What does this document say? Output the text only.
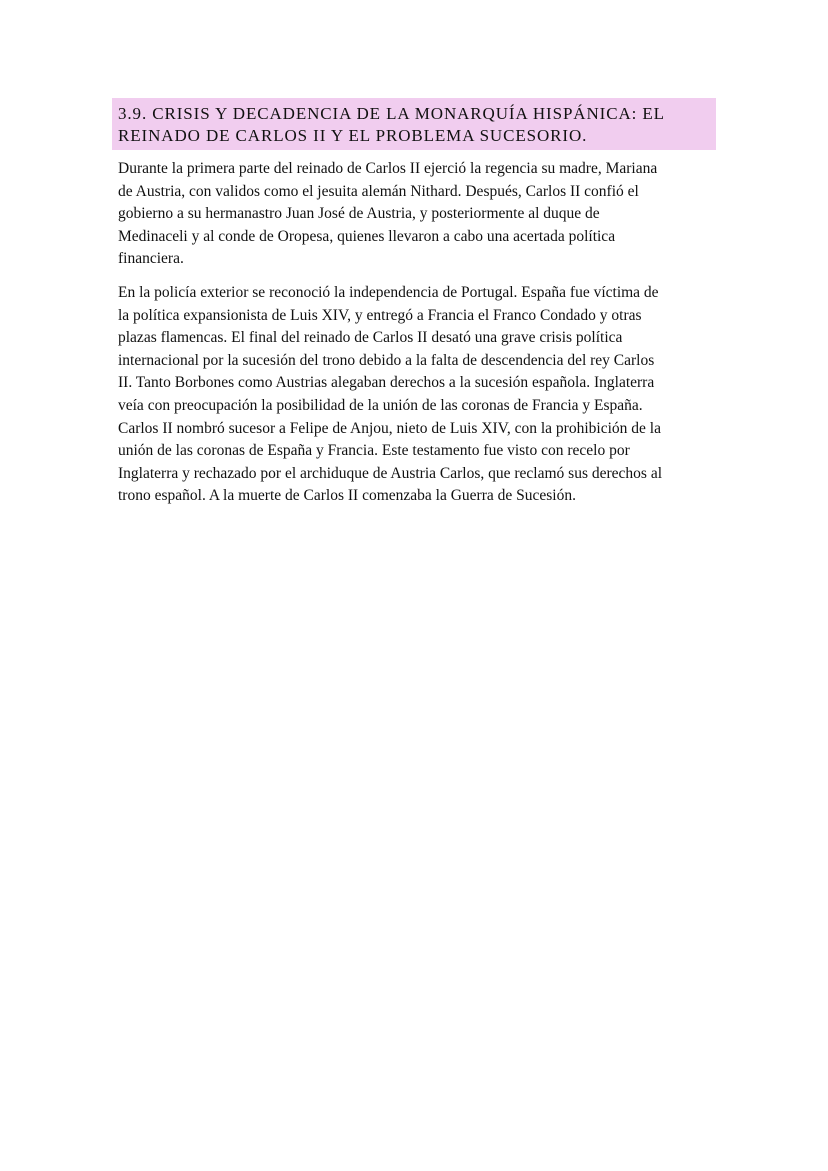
3.9. CRISIS Y DECADENCIA DE LA MONARQUÍA HISPÁNICA: EL
REINADO DE CARLOS II Y EL PROBLEMA SUCESORIO.

Durante la primera parte del reinado de Carlos II ejerció la regencia su madre, Mariana
de Austria, con validos como el jesuita alemán Nithard. Después, Carlos II confió el
gobierno a su hermanastro Juan José de Austria, y posteriormente al duque de
Medinaceli y al conde de Oropesa, quienes llevaron a cabo una acertada política
financiera.

En la policía exterior se reconoció la independencia de Portugal. España fue víctima de
la política expansionista de Luis XIV, y entregó a Francia el Franco Condado y otras
plazas flamencas. El final del reinado de Carlos II desató una grave crisis política
internacional por la sucesión del trono debido a la falta de descendencia del rey Carlos
II. Tanto Borbones como Austrias alegaban derechos a la sucesión española. Inglaterra
veía con preocupación la posibilidad de la unión de las coronas de Francia y España.
Carlos II nombró sucesor a Felipe de Anjou, nieto de Luis XIV, con la prohibición de la
unión de las coronas de España y Francia. Este testamento fue visto con recelo por
Inglaterra y rechazado por el archiduque de Austria Carlos, que reclamó sus derechos al
trono español. A la muerte de Carlos II comenzaba la Guerra de Sucesión.
